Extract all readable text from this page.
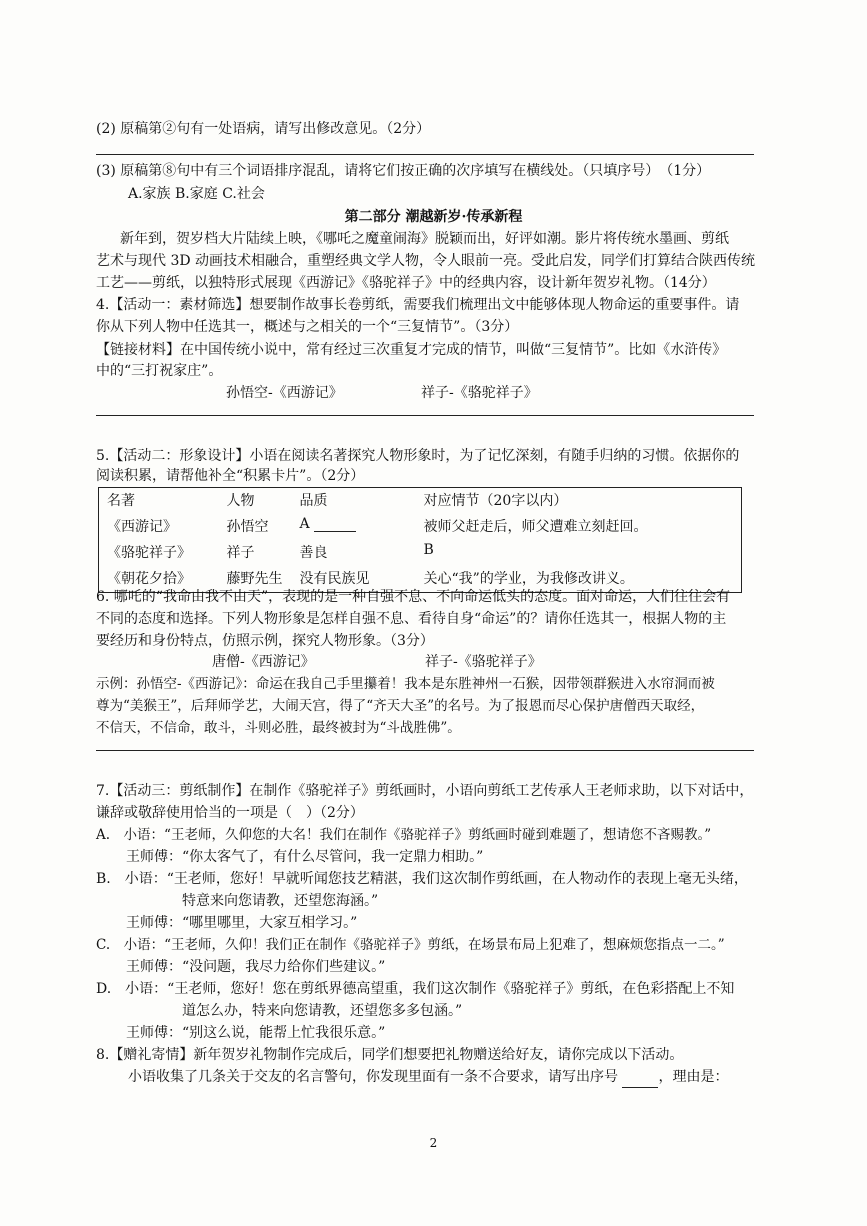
(2) 原稿第②句有一处语病，请写出修改意见。（2分）
(3) 原稿第⑧句中有三个词语排序混乱，请将它们按正确的次序填写在横线处。（只填序号）　（1分）
A.家族 B.家庭 C.社会
第二部分 潮越新岁·传承新程
新年到，贺岁档大片陆续上映，《哪吒之魔童闹海》脱颖而出，好评如潮。影片将传统水墨画、剪纸
艺术与现代 3D 动画技术相融合，重塑经典文学人物，令人眼前一亮。受此启发，同学们打算结合陕西传统
工艺——剪纸，以独特形式展现《西游记》《骆驼祥子》中的经典内容，设计新年贺岁礼物。（14分）
4.【活动一：素材筛选】想要制作故事长卷剪纸，需要我们梳理出文中能够体现人物命运的重要事件。请
你从下列人物中任选其一，概述与之相关的一个“三复情节”。（3分）
【链接材料】在中国传统小说中，常有经过三次重复才完成的情节，叫做“三复情节”。比如《水浒传》
中的“三打祝家庄”。
孙悟空-《西游记》	祥子-《骆驼祥子》
5.【活动二：形象设计】小语在阅读名著探究人物形象时，为了记忆深刻，有随手归纳的习惯。依据你的
阅读积累，请帮他补全“积累卡片”。（2分）
名著	人物	品质	对应情节（20字以内）
《西游记》	孙悟空	A	被师父赶走后，师父遭难立刻赶回。
《骆驼祥子》	祥子	善良	B
《朝花夕拾》	藤野先生	没有民族见	关心“我”的学业，为我修改讲义。
6. 哪吒的“我命由我不由天”，表现的是一种自强不息、不向命运低头的态度。面对命运，人们往往会有
不同的态度和选择。下列人物形象是怎样自强不息、看待自身“命运”的？请你任选其一，根据人物的主
要经历和身份特点，仿照示例，探究人物形象。（3分）
唐僧-《西游记》	祥子-《骆驼祥子》
示例：孙悟空-《西游记》：命运在我自己手里攥着！我本是东胜神州一石猴，因带领群猴进入水帘洞而被
尊为“美猴王”，后拜师学艺，大闹天宫，得了“齐天大圣”的名号。为了报恩而尽心保护唐僧西天取经，
不信天，不信命，敢斗，斗则必胜，最终被封为“斗战胜佛”。
7.【活动三：剪纸制作】在制作《骆驼祥子》剪纸画时，小语向剪纸工艺传承人王老师求助，以下对话中，
谦辞或敬辞使用恰当的一项是（　）（2分）
A.　小语：“王老师，久仰您的大名！我们在制作《骆驼祥子》剪纸画时碰到难题了，想请您不吝赐教。”
王师傅：“你太客气了，有什么尽管问，我一定鼎力相助。”
B.　小语：“王老师，您好！早就听闻您技艺精湛，我们这次制作剪纸画，在人物动作的表现上毫无头绪，
特意来向您请教，还望您海涵。”
王师傅：“哪里哪里，大家互相学习。”
C.　小语：“王老师，久仰！我们正在制作《骆驼祥子》剪纸，在场景布局上犯难了，想麻烦您指点一二。”
王师傅：“没问题，我尽力给你们些建议。”
D.　小语：“王老师，您好！您在剪纸界德高望重，我们这次制作《骆驼祥子》剪纸，在色彩搭配上不知
道怎么办，特来向您请教，还望您多多包涵。”
王师傅：“别这么说，能帮上忙我很乐意。”
8.【赠礼寄情】新年贺岁礼物制作完成后，同学们想要把礼物赠送给好友，请你完成以下活动。
小语收集了几条关于交友的名言警句，你发现里面有一条不合要求，请写出序号	，理由是：
2
